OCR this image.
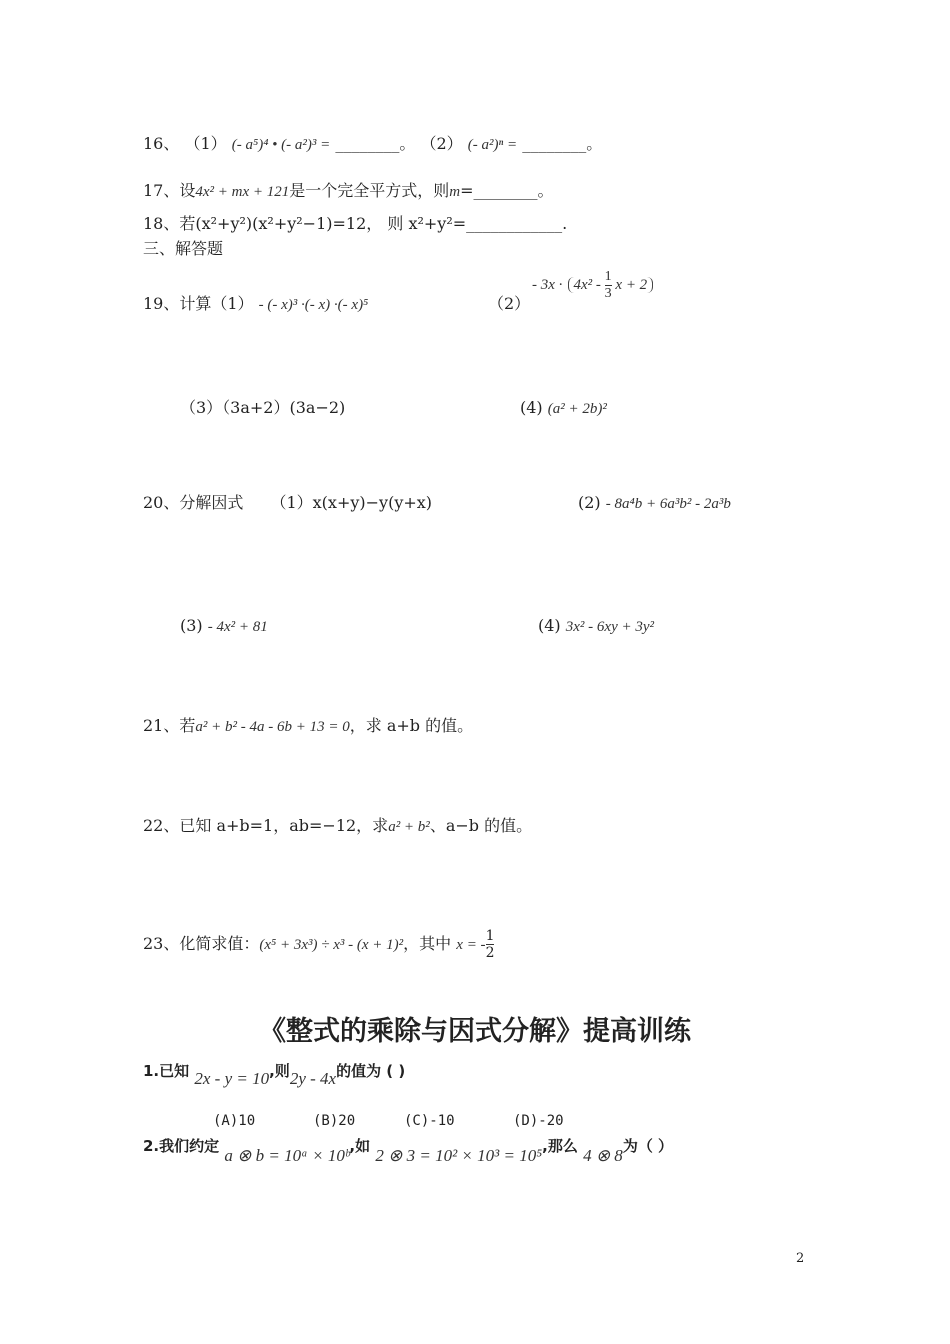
16、 （1） (- a⁵)⁴ • (- a²)³ = ________。 （2） (- a²)ⁿ = ________。
17、设4x² + mx + 121是一个完全平方式，则m=________。
18、若(x²+y²)(x²+y²−1)=12， 则 x²+y²=____________.
三、解答题
19、计算（1） - (- x)³ ·(- x) ·(- x)⁵	（2）
- $3x \cdot 4x^2 - \frac{1}{3}$ x + 2
（3）（3a+2）(3a−2)	(4) (a² + 2b)²
20、分解因式 （1）x(x+y)−y(y+x)	(2) - 8a⁴b + 6a³b² - 2a³b
(3) - 4x² + 81	(4) 3x² - 6xy + 3y²
21、若a² + b² - 4a - 6b + 13 = 0，求 a+b 的值。
22、已知 a+b=1，ab=−12，求a² + b²、a−b 的值。
23、化简求值：(x⁵ + 3x³) ÷ x³ - (x + 1)²，其中 x = - $\frac{1}{2}$
《整式的乘除与因式分解》提高训练
1.已知 2x - y = 10,则2y - 4x的值为 ( )
(A)10	(B)20	(C)-10	(D)-20
2.我们约定 a ⊗ b = 10ᵃ × 10ᵇ,如 2 ⊗ 3 = 10² × 10³ = 10⁵,那么 4 ⊗ 8为（ ）
2
